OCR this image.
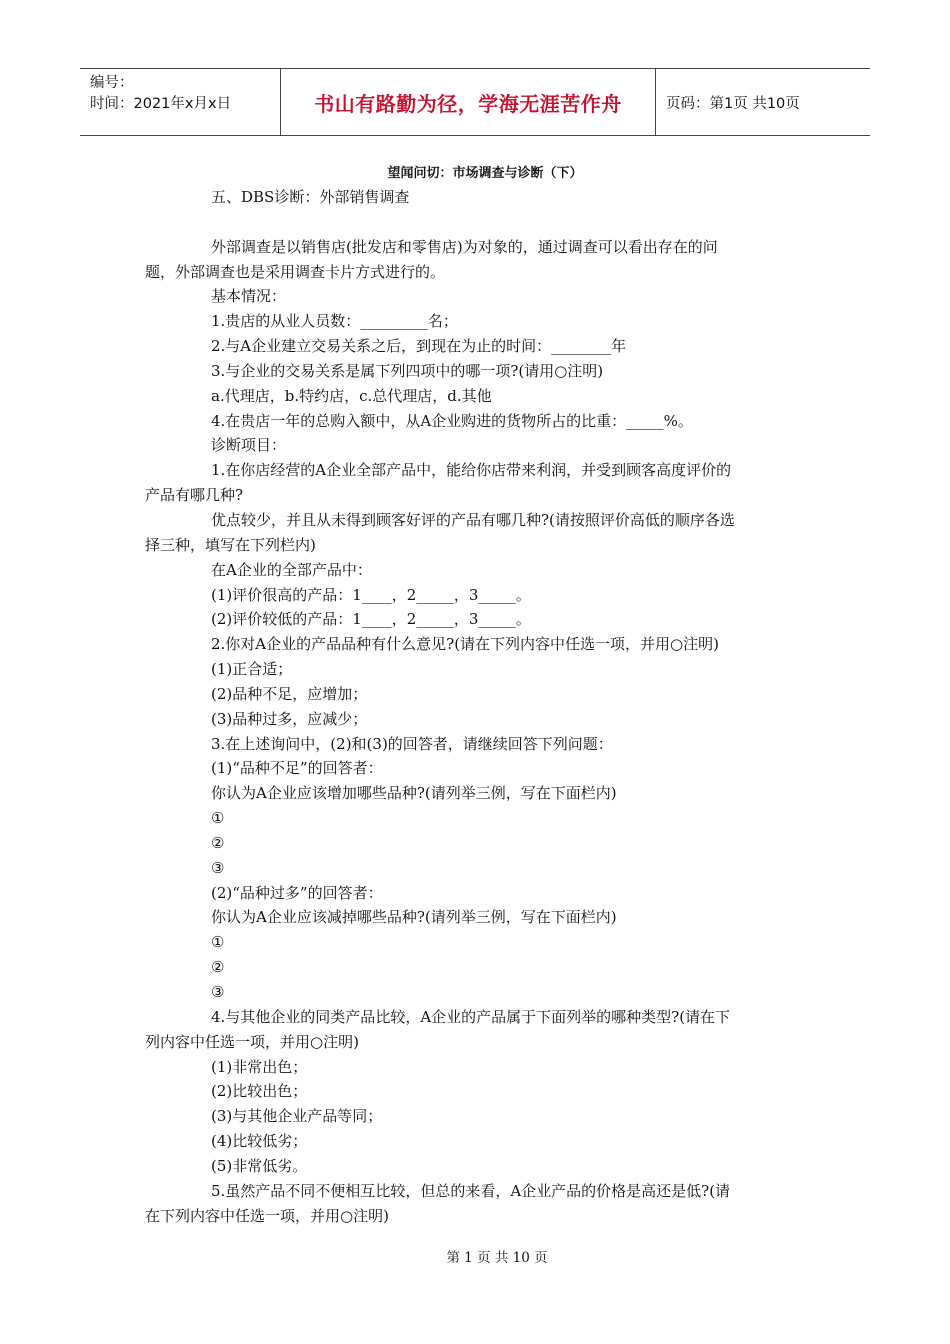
编号：
时间：2021年x月x日	书山有路勤为径，学海无涯苦作舟	页码：第1页 共10页
望闻问切：市场调查与诊断（下）
五、DBS诊断：外部销售调查
外部调查是以销售店(批发店和零售店)为对象的，通过调查可以看出存在的问
题，外部调查也是采用调查卡片方式进行的。
基本情况：
1.贵店的从业人员数：_________名；
2.与A企业建立交易关系之后，到现在为止的时间：________年
3.与企业的交易关系是属下列四项中的哪一项?(请用○注明)
a.代理店，b.特约店，c.总代理店，d.其他
4.在贵店一年的总购入额中，从A企业购进的货物所占的比重：_____%。
诊断项目：
1.在你店经营的A企业全部产品中，能给你店带来利润，并受到顾客高度评价的
产品有哪几种?
优点较少，并且从未得到顾客好评的产品有哪几种?(请按照评价高低的顺序各选
择三种，填写在下列栏内)
在A企业的全部产品中：
(1)评价很高的产品：1____，2_____，3_____。
(2)评价较低的产品：1____，2_____，3_____。
2.你对A企业的产品品种有什么意见?(请在下列内容中任选一项，并用○注明)
(1)正合适；
(2)品种不足，应增加；
(3)品种过多，应减少；
3.在上述询问中，(2)和(3)的回答者，请继续回答下列问题：
(1)“品种不足”的回答者：
你认为A企业应该增加哪些品种?(请列举三例，写在下面栏内)
①
②
③
(2)“品种过多”的回答者：
你认为A企业应该减掉哪些品种?(请列举三例，写在下面栏内)
①
②
③
4.与其他企业的同类产品比较，A企业的产品属于下面列举的哪种类型?(请在下
列内容中任选一项，并用○注明)
(1)非常出色；
(2)比较出色；
(3)与其他企业产品等同；
(4)比较低劣；
(5)非常低劣。
5.虽然产品不同不便相互比较，但总的来看，A企业产品的价格是高还是低?(请
在下列内容中任选一项，并用○注明)
第 1 页 共 10 页
